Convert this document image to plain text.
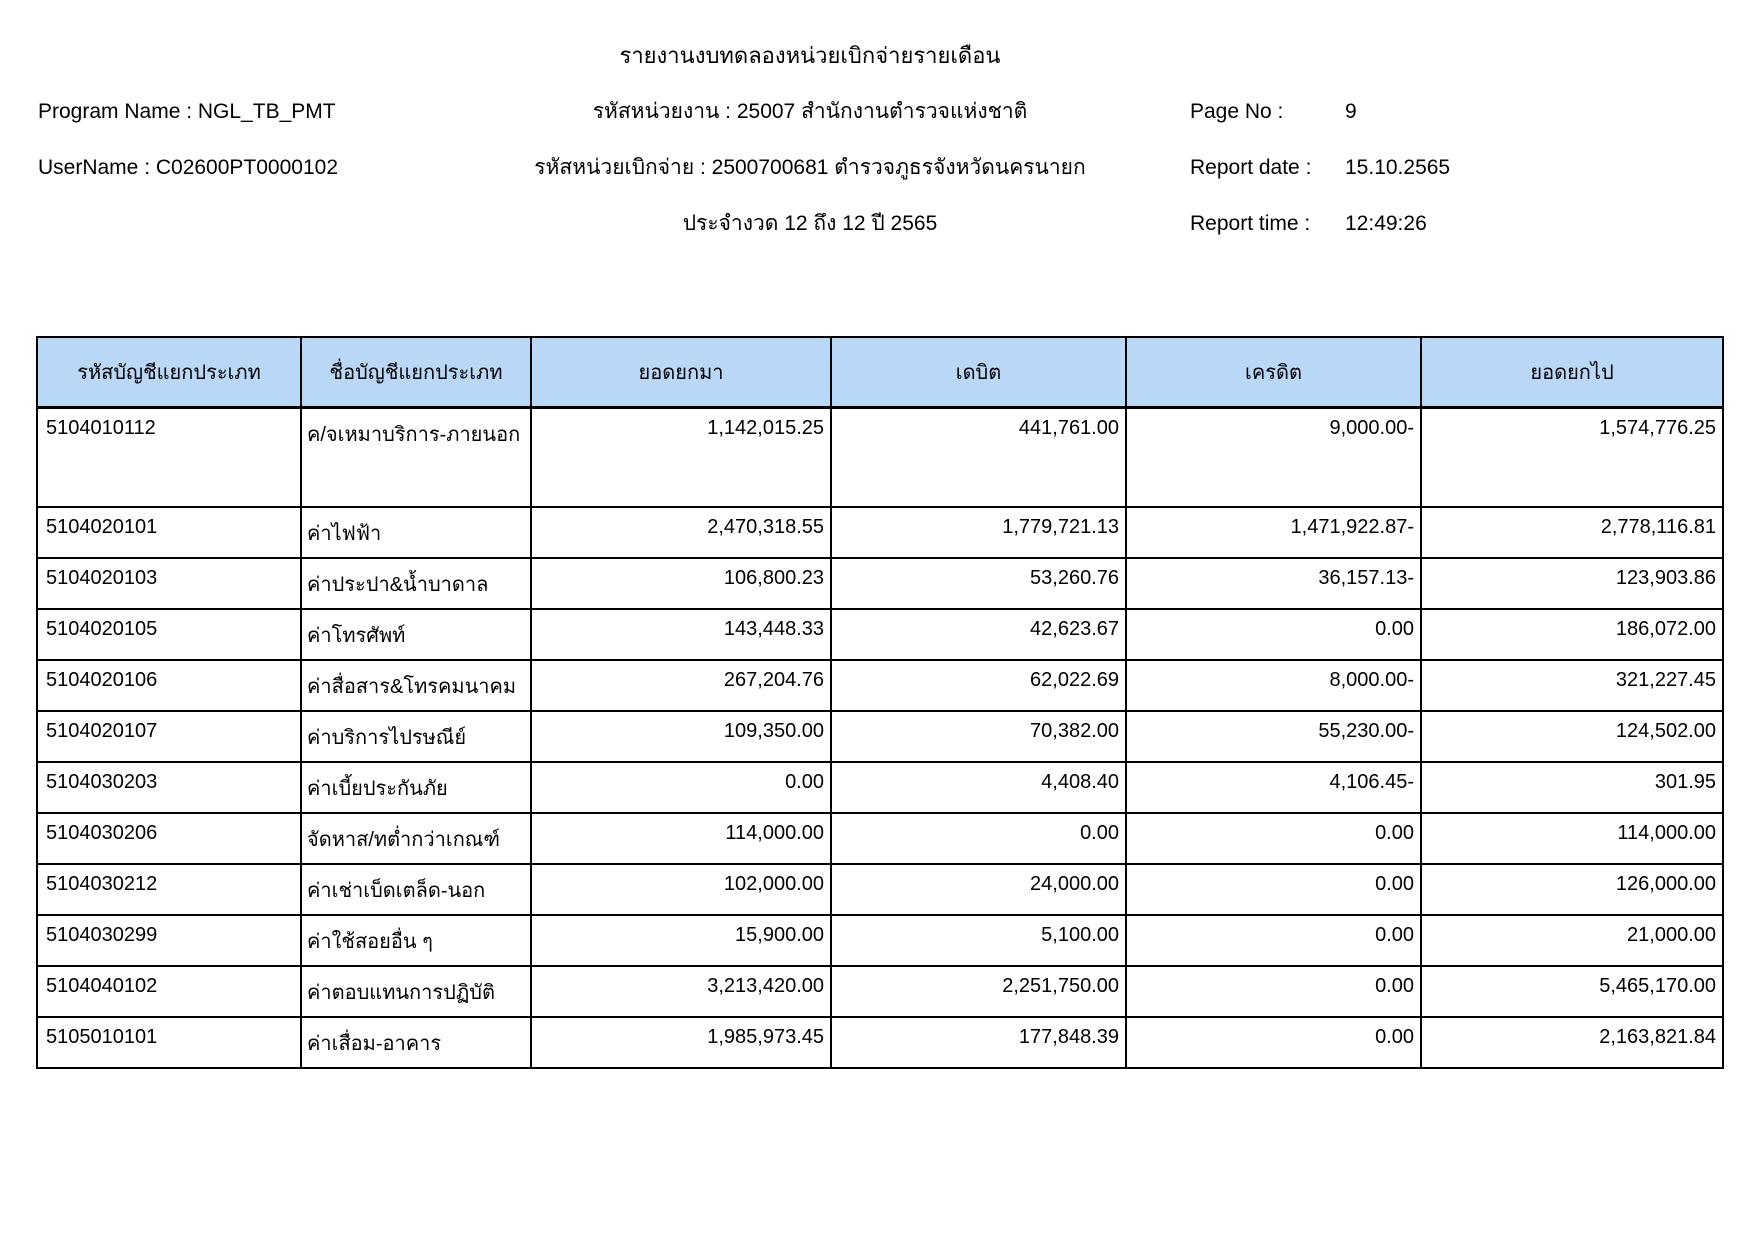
รายงานงบทดลองหน่วยเบิกจ่ายรายเดือน
Program Name : NGL_TB_PMT
UserName : C02600PT0000102
รหัสหน่วยงาน : 25007 สำนักงานตำรวจแห่งชาติ
รหัสหน่วยเบิกจ่าย : 2500700681 ตำรวจภูธรจังหวัดนครนายก
ประจำงวด 12 ถึง 12 ปี 2565
Page No :	9
Report date :	15.10.2565
Report time :	12:49:26
รหัสบัญชีแยกประเภท	ชื่อบัญชีแยกประเภท	ยอดยกมา	เดบิต	เครดิต	ยอดยกไป
5104010112	ค/จเหมาบริการ-ภายนอก	1,142,015.25	441,761.00	9,000.00-	1,574,776.25
5104020101	ค่าไฟฟ้า	2,470,318.55	1,779,721.13	1,471,922.87-	2,778,116.81
5104020103	ค่าประปา&น้ำบาดาล	106,800.23	53,260.76	36,157.13-	123,903.86
5104020105	ค่าโทรศัพท์	143,448.33	42,623.67	0.00	186,072.00
5104020106	ค่าสื่อสาร&โทรคมนาคม	267,204.76	62,022.69	8,000.00-	321,227.45
5104020107	ค่าบริการไปรษณีย์	109,350.00	70,382.00	55,230.00-	124,502.00
5104030203	ค่าเบี้ยประกันภัย	0.00	4,408.40	4,106.45-	301.95
5104030206	จัดหาส/ทต่ำกว่าเกณฑ์	114,000.00	0.00	0.00	114,000.00
5104030212	ค่าเช่าเบ็ดเตล็ด-นอก	102,000.00	24,000.00	0.00	126,000.00
5104030299	ค่าใช้สอยอื่น ๆ	15,900.00	5,100.00	0.00	21,000.00
5104040102	ค่าตอบแทนการปฏิบัติ	3,213,420.00	2,251,750.00	0.00	5,465,170.00
5105010101	ค่าเสื่อม-อาคาร	1,985,973.45	177,848.39	0.00	2,163,821.84
